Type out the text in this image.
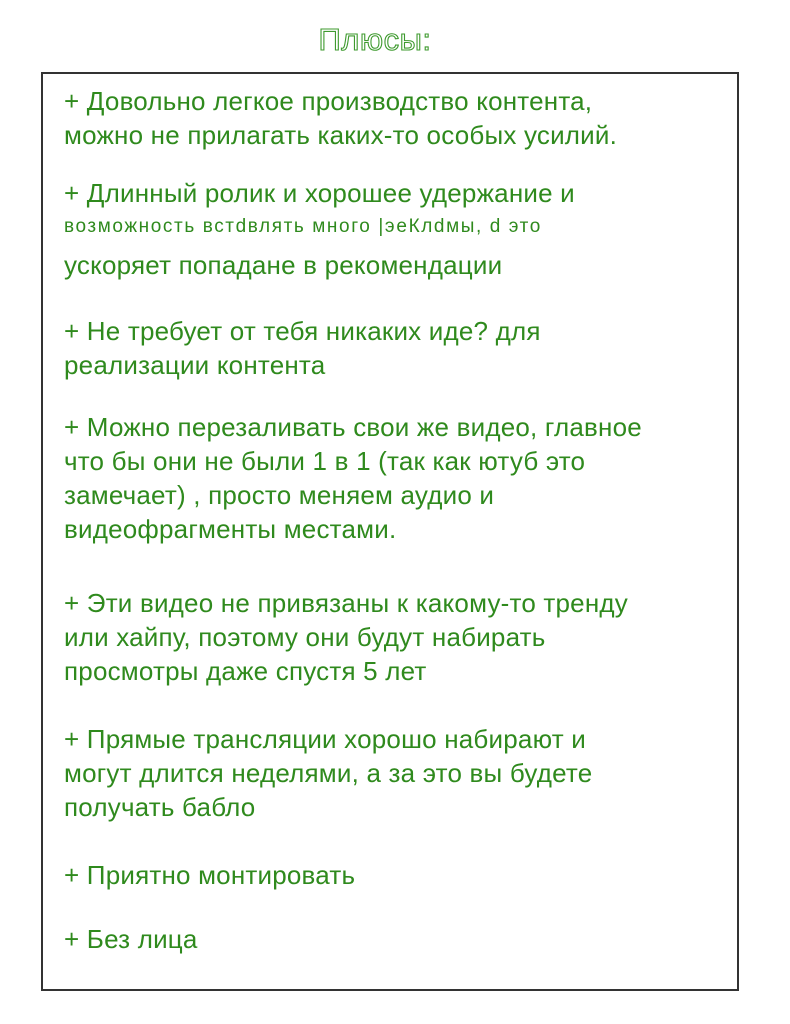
Плюсы:
+ Довольно легкое производство контента,
можно не прилагать каких-то особых усилий.
+ Длинный ролик и хорошее удержание и
возможность встdвлять много |эеКлdмы, d это
ускоряет попадане в рекомендации
+ Не требует от тебя никаких иде? для
реализации контента
+ Можно перезаливать свои же видео, главное
что бы они не были 1 в 1 (так как ютуб это
замечает) , просто меняем аудио и
видеофрагменты местами.
+ Эти видео не привязаны к какому-то тренду
или хайпу, поэтому они будут набирать
просмотры даже спустя 5 лет
+ Прямые трансляции хорошо набирают и
могут длится неделями, а за это вы будете
получать бабло
+ Приятно монтировать
+ Без лица
